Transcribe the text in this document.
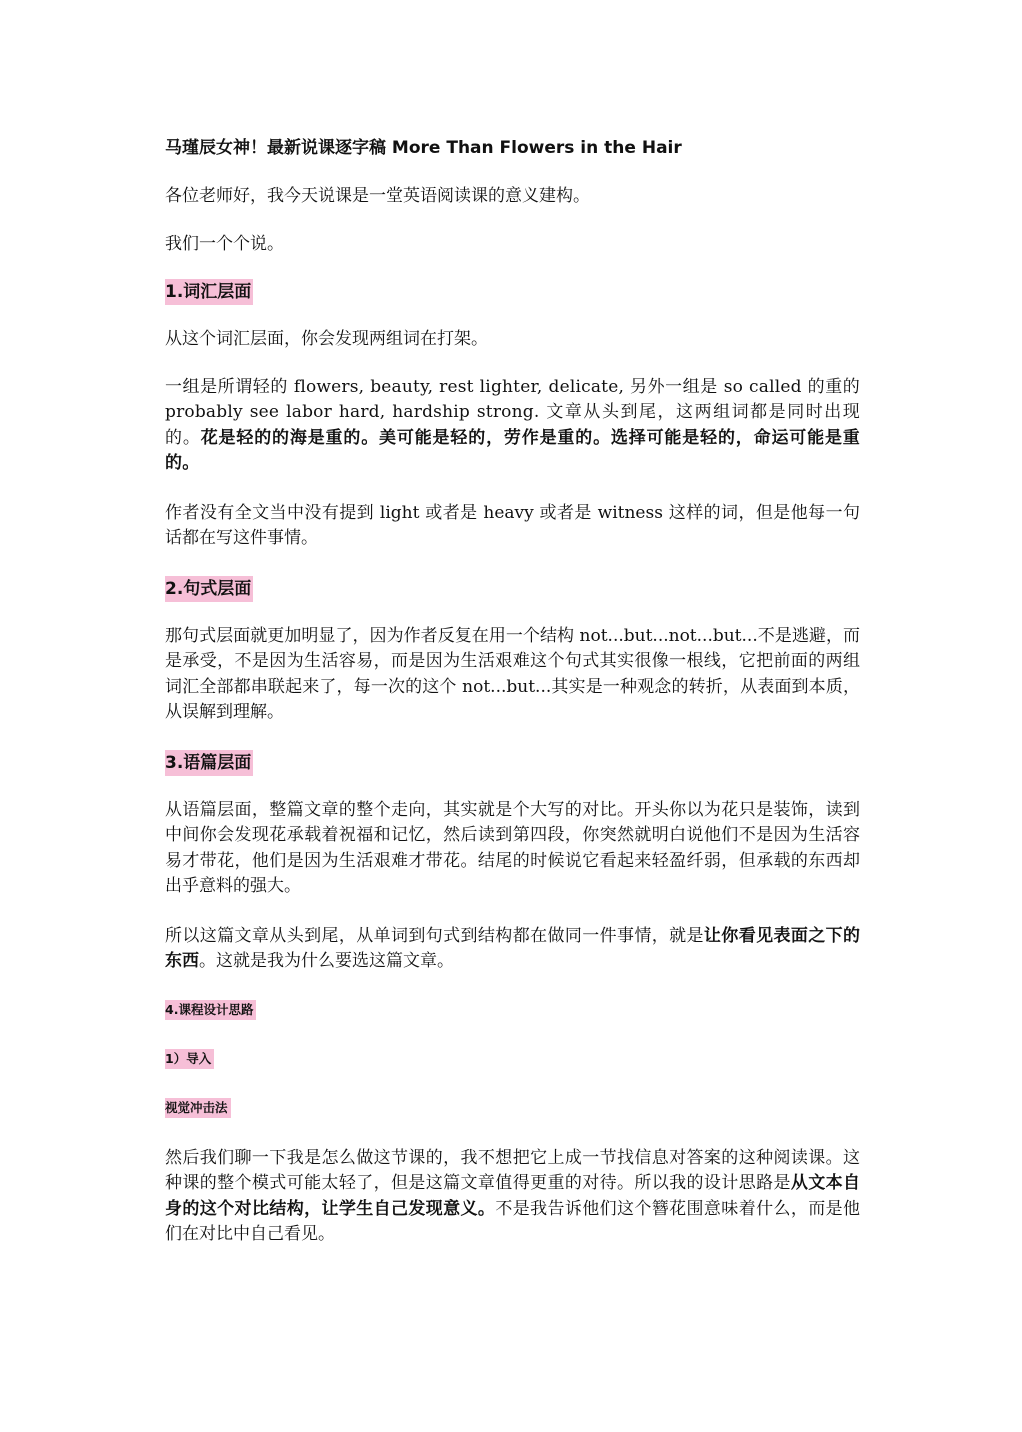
马瑾辰女神！最新说课逐字稿 More Than Flowers in the Hair

各位老师好，我今天说课是一堂英语阅读课的意义建构。

我们一个个说。

1.词汇层面

从这个词汇层面，你会发现两组词在打架。

一组是所谓轻的 flowers, beauty, rest lighter, delicate, 另外一组是 so called 的重的 probably see labor hard, hardship strong. 文章从头到尾，这两组词都是同时出现的。花是轻的的海是重的。美可能是轻的，劳作是重的。选择可能是轻的，命运可能是重的。

作者没有全文当中没有提到 light 或者是 heavy 或者是 witness 这样的词，但是他每一句话都在写这件事情。

2.句式层面

那句式层面就更加明显了，因为作者反复在用一个结构 not...but...not...but...不是逃避，而是承受，不是因为生活容易，而是因为生活艰难这个句式其实很像一根线，它把前面的两组词汇全部都串联起来了，每一次的这个 not...but...其实是一种观念的转折，从表面到本质，从误解到理解。

3.语篇层面

从语篇层面，整篇文章的整个走向，其实就是个大写的对比。开头你以为花只是装饰，读到中间你会发现花承载着祝福和记忆，然后读到第四段，你突然就明白说他们不是因为生活容易才带花，他们是因为生活艰难才带花。结尾的时候说它看起来轻盈纤弱，但承载的东西却出乎意料的强大。

所以这篇文章从头到尾，从单词到句式到结构都在做同一件事情，就是让你看见表面之下的东西。这就是我为什么要选这篇文章。

4.课程设计思路
1）导入
视觉冲击法

然后我们聊一下我是怎么做这节课的，我不想把它上成一节找信息对答案的这种阅读课。这种课的整个模式可能太轻了，但是这篇文章值得更重的对待。所以我的设计思路是从文本自身的这个对比结构，让学生自己发现意义。不是我告诉他们这个簪花围意味着什么，而是他们在对比中自己看见。
